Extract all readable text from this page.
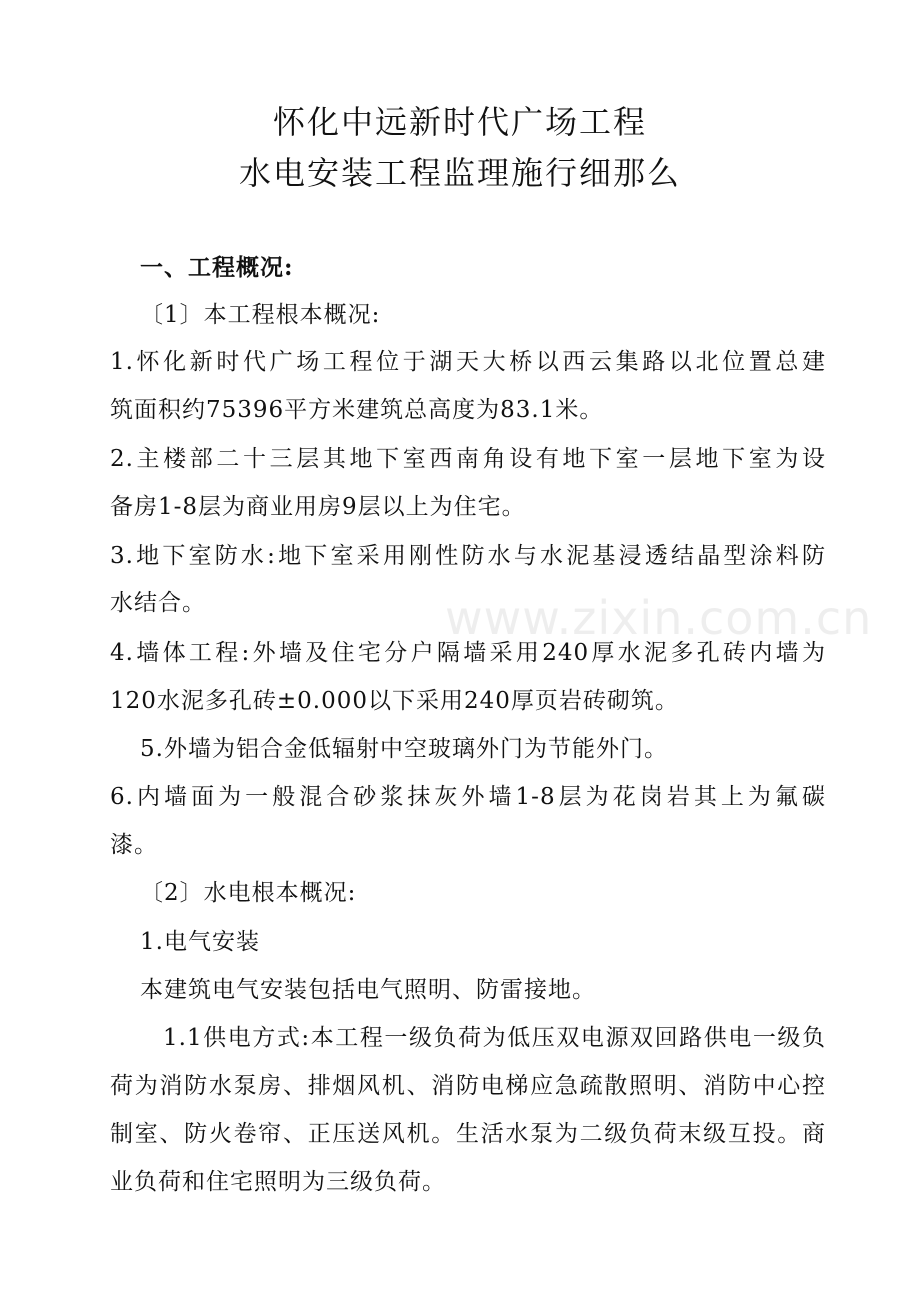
怀化中远新时代广场工程
水电安装工程监理施行细那么
一、工程概况:
〔1〕本工程根本概况:
1.怀化新时代广场工程位于湖天大桥以西云集路以北位置总建
筑面积约75396平方米建筑总高度为83.1米。
2.主楼部二十三层其地下室西南角设有地下室一层地下室为设
备房1-8层为商业用房9层以上为住宅。
3.地下室防水:地下室采用刚性防水与水泥基浸透结晶型涂料防
水结合。
4.墙体工程:外墙及住宅分户隔墙采用240厚水泥多孔砖内墙为
120水泥多孔砖±0.000以下采用240厚页岩砖砌筑。
5.外墙为铝合金低辐射中空玻璃外门为节能外门。
6.内墙面为一般混合砂浆抹灰外墙1-8层为花岗岩其上为氟碳
漆。
〔2〕水电根本概况:
1.电气安装
本建筑电气安装包括电气照明、防雷接地。
1.1供电方式:本工程一级负荷为低压双电源双回路供电一级负
荷为消防水泵房、排烟风机、消防电梯应急疏散照明、消防中心控
制室、防火卷帘、正压送风机。生活水泵为二级负荷末级互投。商
业负荷和住宅照明为三级负荷。
www.zixin.com.cn
